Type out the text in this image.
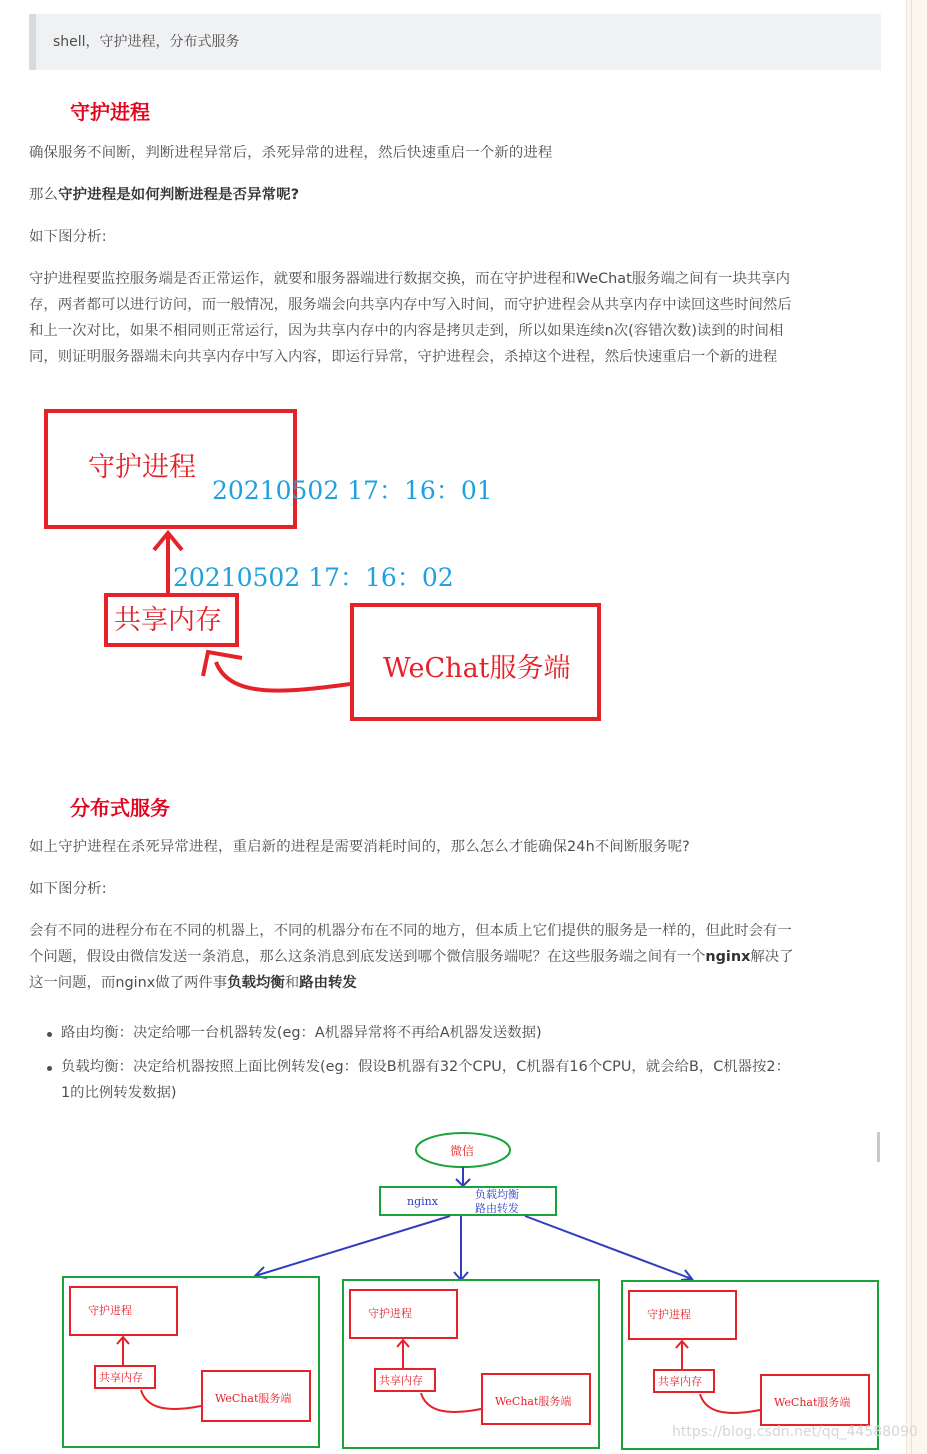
shell，守护进程，分布式服务
守护进程

确保服务不间断，判断进程异常后，杀死异常的进程，然后快速重启一个新的进程

那么守护进程是如何判断进程是否异常呢?

如下图分析:

守护进程要监控服务端是否正常运作，就要和服务器端进行数据交换，而在守护进程和WeChat服务端之间有一块共享内
存，两者都可以进行访问，而一般情况，服务端会向共享内存中写入时间，而守护进程会从共享内存中读回这些时间然后
和上一次对比，如果不相同则正常运行，因为共享内存中的内容是拷贝走到，所以如果连续n次(容错次数)读到的时间相
同，则证明服务器端未向共享内存中写入内容，即运行异常，守护进程会，杀掉这个进程，然后快速重启一个新的进程
分布式服务

如上守护进程在杀死异常进程，重启新的进程是需要消耗时间的，那么怎么才能确保24h不间断服务呢?

如下图分析:

会有不同的进程分布在不同的机器上，不同的机器分布在不同的地方，但本质上它们提供的服务是一样的，但此时会有一
个问题，假设由微信发送一条消息，那么这条消息到底发送到哪个微信服务端呢？在这些服务端之间有一个nginx解决了
这一问题，而nginx做了两件事负载均衡和路由转发
路由均衡：决定给哪一台机器转发(eg：A机器异常将不再给A机器发送数据)
负载均衡：决定给机器按照上面比例转发(eg：假设B机器有32个CPU，C机器有16个CPU，就会给B，C机器按2：
1的比例转发数据)
守护进程
20210502 17：16：01
20210502 17：16：02
共享内存
WeChat服务端
微信
nginx
负载均衡
路由转发
守护进程
共享内存
WeChat服务端
守护进程
共享内存
WeChat服务端
守护进程
共享内存
WeChat服务端
https://blog.csdn.net/qq_44588090
